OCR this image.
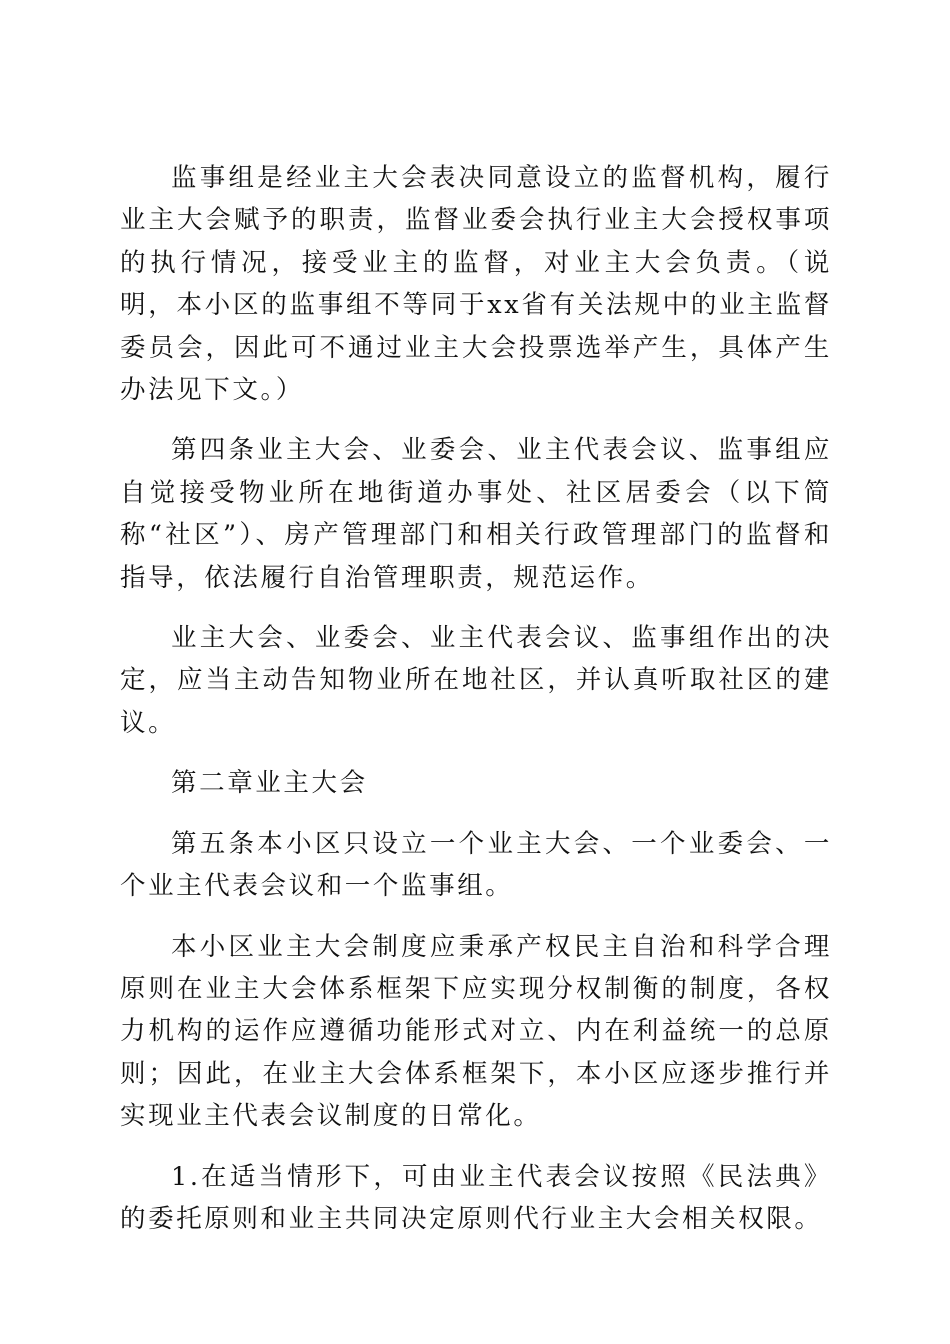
监事组是经业主大会表决同意设立的监督机构，履行业主大会赋予的职责，监督业委会执行业主大会授权事项的执行情况，接受业主的监督，对业主大会负责。（说明，本小区的监事组不等同于xx省有关法规中的业主监督委员会，因此可不通过业主大会投票选举产生，具体产生办法见下文。）

第四条业主大会、业委会、业主代表会议、监事组应自觉接受物业所在地街道办事处、社区居委会（以下简称“社区”）、房产管理部门和相关行政管理部门的监督和指导，依法履行自治管理职责，规范运作。

业主大会、业委会、业主代表会议、监事组作出的决定，应当主动告知物业所在地社区，并认真听取社区的建议。

第二章业主大会

第五条本小区只设立一个业主大会、一个业委会、一个业主代表会议和一个监事组。

本小区业主大会制度应秉承产权民主自治和科学合理原则在业主大会体系框架下应实现分权制衡的制度，各权力机构的运作应遵循功能形式对立、内在利益统一的总原则；因此，在业主大会体系框架下，本小区应逐步推行并实现业主代表会议制度的日常化。

1.在适当情形下，可由业主代表会议按照《民法典》的委托原则和业主共同决定原则代行业主大会相关权限。
